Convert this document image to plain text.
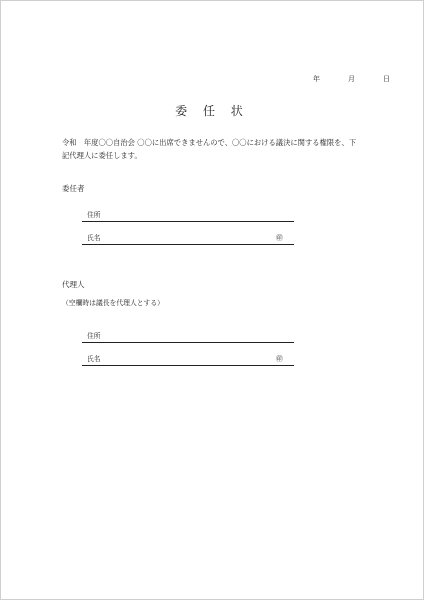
年	月	日
委 任 状
令和　年度〇〇自治会 〇〇に出席できませんので、〇〇における議決に関する権限を、下
記代理人に委任します。
委任者
住所
氏名	㊞
代理人
（空欄時は議長を代理人とする）
住所
氏名	㊞
